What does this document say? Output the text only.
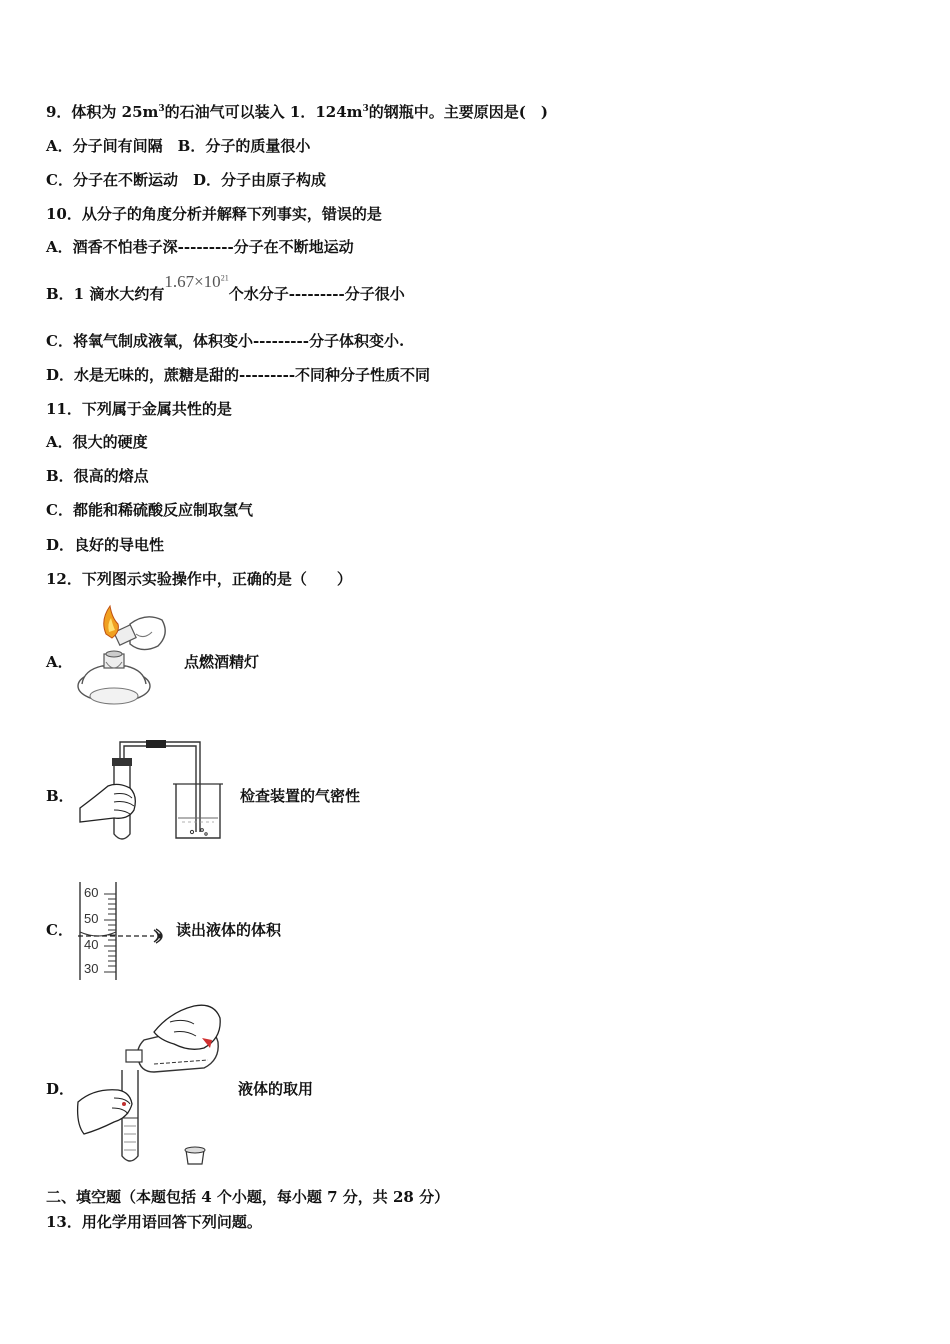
9．体积为 $25m^3$的石油气可以装入 1．$124m^3$的钢瓶中。主要原因是(　)
A．分子间有间隔　B．分子的质量很小
C．分子在不断运动　D．分子由原子构成
10．从分子的角度分析并解释下列事实，错误的是
A．酒香不怕巷子深---------分子在不断地运动
B．1 滴水大约有$1.67\times 10^{21}$个水分子---------分子很小
C．将氧气制成液氧，体积变小---------分子体积变小.
D．水是无味的，蔗糖是甜的---------不同种分子性质不同
11．下列属于金属共性的是
A．很大的硬度
B．很高的熔点
C．都能和稀硫酸反应制取氢气
D．良好的导电性
12．下列图示实验操作中，正确的是（　　）
A．	点燃酒精灯
B．	检查装置的气密性
C．
60
50
40
30
读出液体的体积
D．	液体的取用
二、填空题（本题包括 4 个小题，每小题 7 分，共 28 分）
13．用化学用语回答下列问题。
